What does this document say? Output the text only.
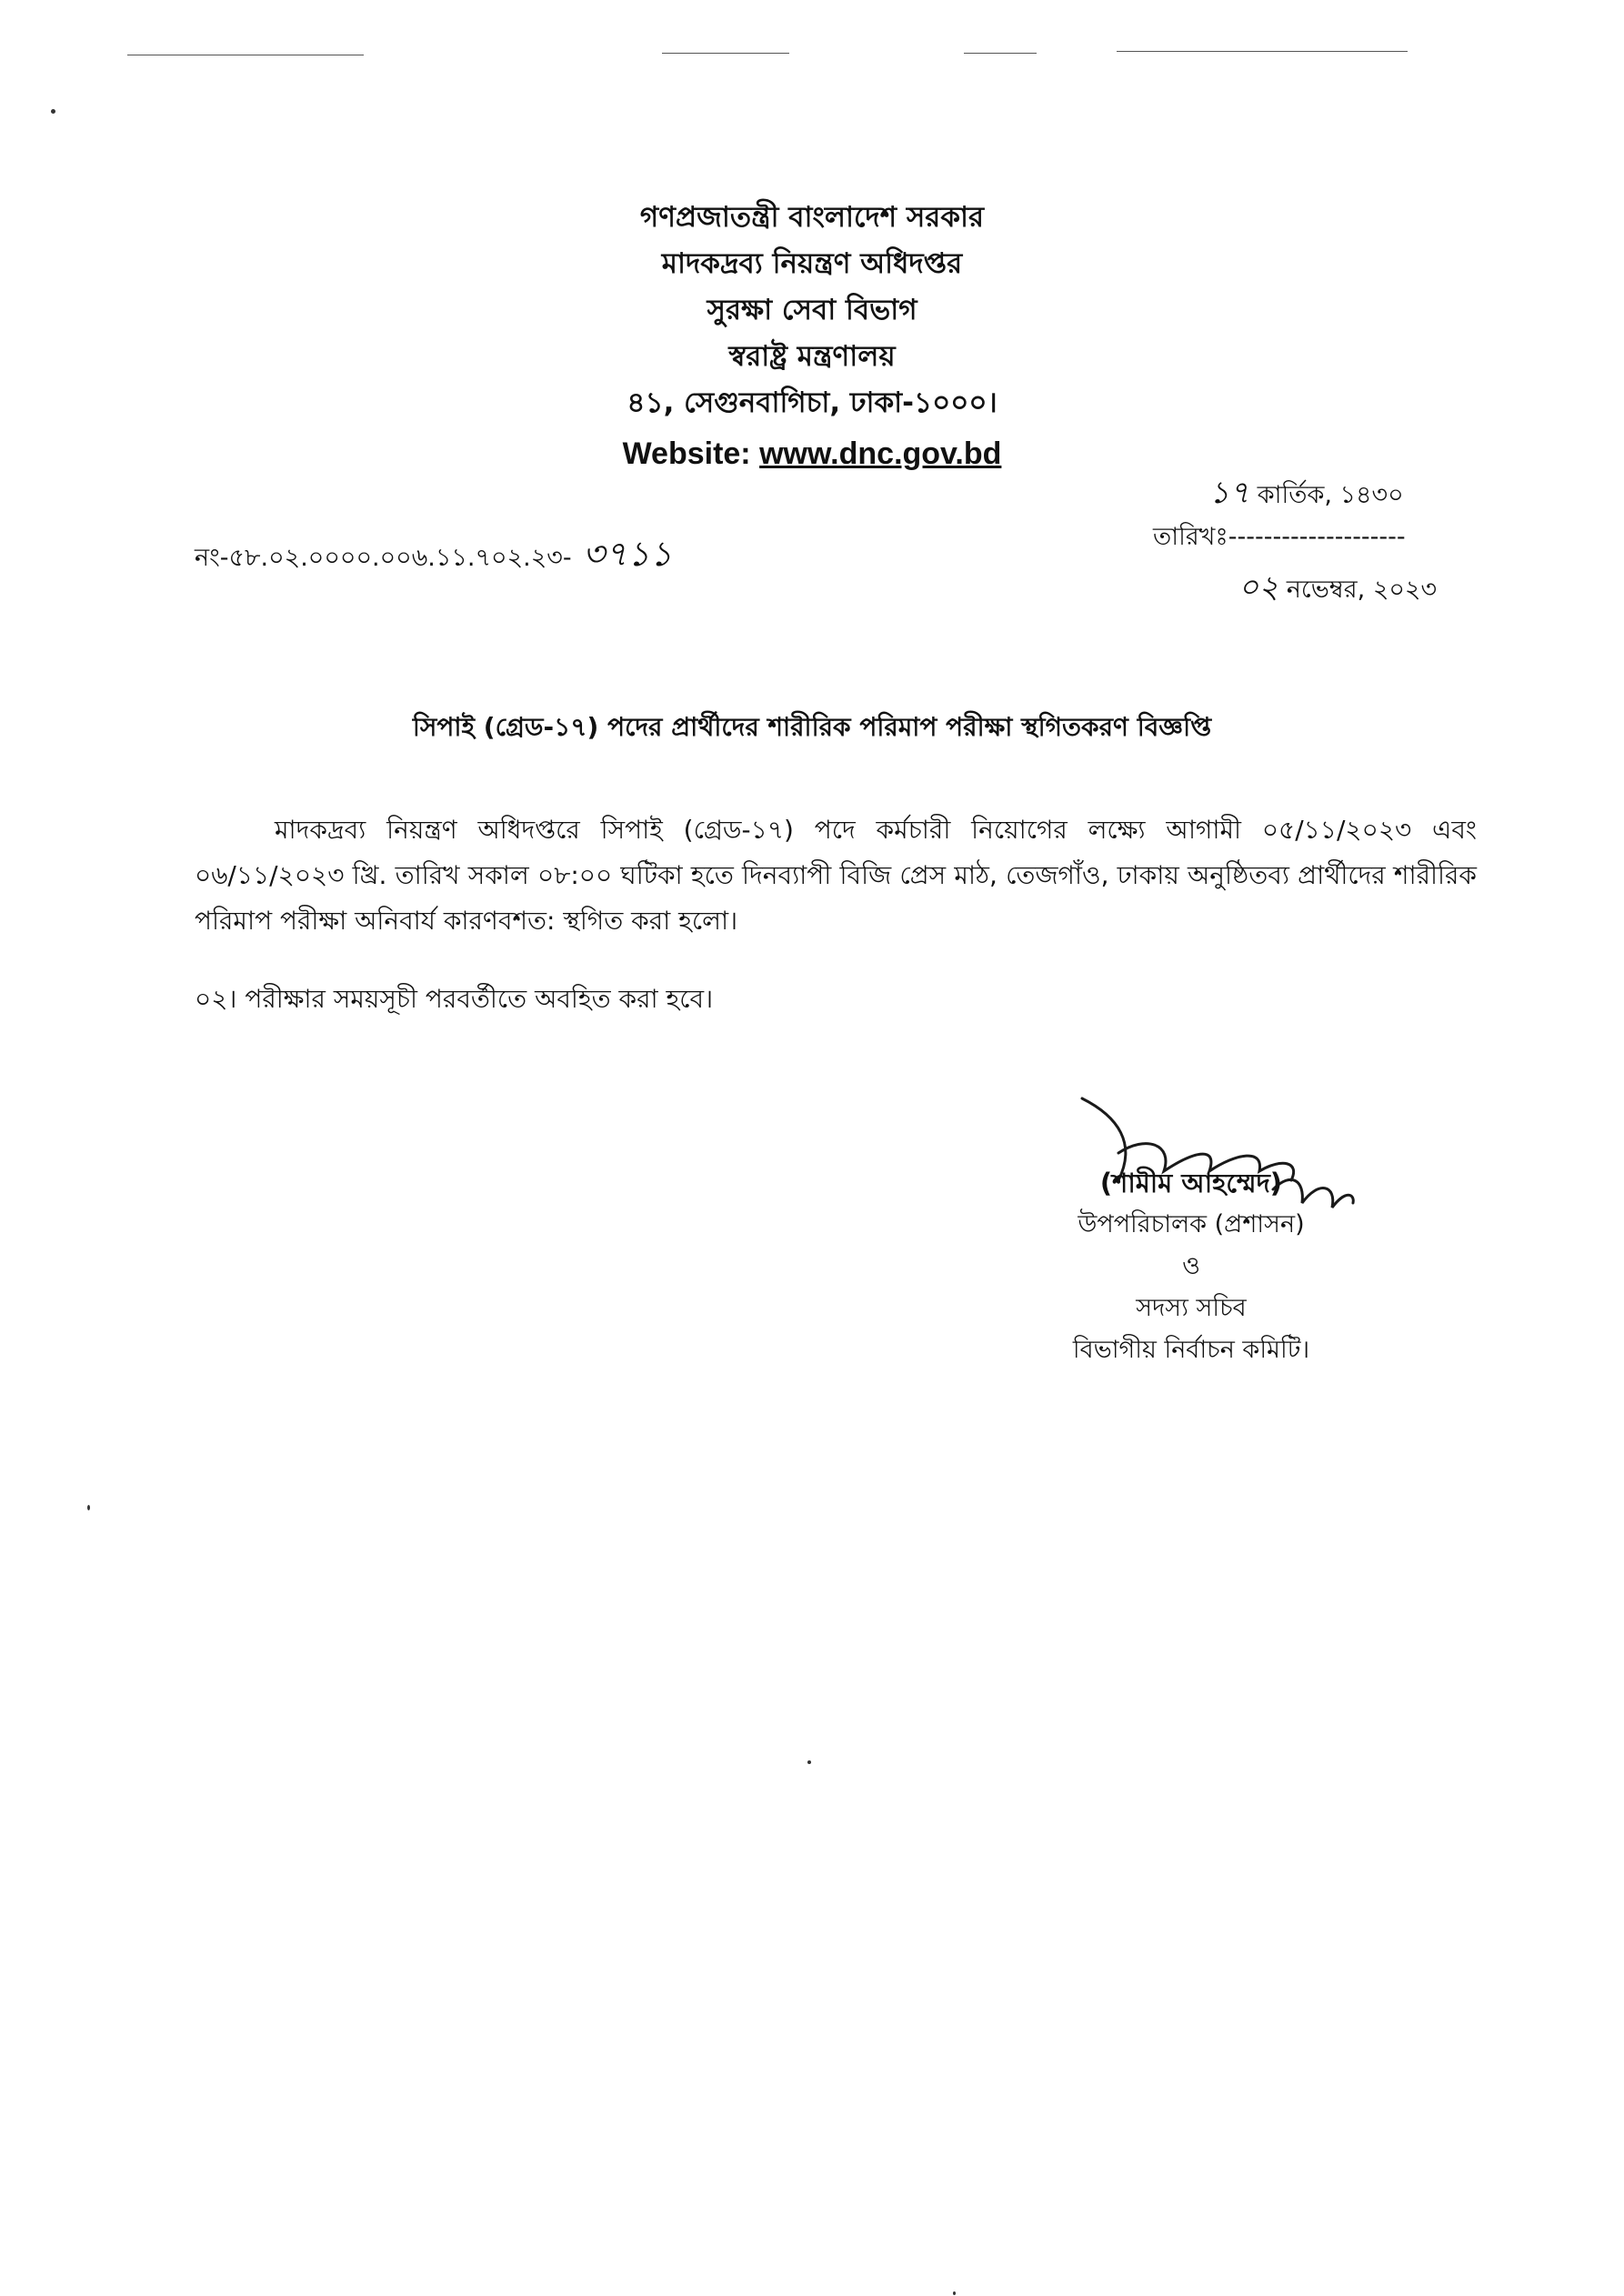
গণপ্রজাতন্ত্রী বাংলাদেশ সরকার
মাদকদ্রব্য নিয়ন্ত্রণ অধিদপ্তর
সুরক্ষা সেবা বিভাগ
স্বরাষ্ট্র মন্ত্রণালয়
৪১, সেগুনবাগিচা, ঢাকা-১০০০।
Website: www.dnc.gov.bd
নং-৫৮.০২.০০০০.০০৬.১১.৭০২.২৩- ৩৭১১
১৭ কার্তিক, ১৪৩০
তারিখঃ--------------------
০২ নভেম্বর, ২০২৩
সিপাই (গ্রেড-১৭) পদের প্রার্থীদের শারীরিক পরিমাপ পরীক্ষা স্থগিতকরণ বিজ্ঞপ্তি

মাদকদ্রব্য নিয়ন্ত্রণ অধিদপ্তরে সিপাই (গ্রেড-১৭) পদে কর্মচারী নিয়োগের লক্ষ্যে আগামী ০৫/১১/২০২৩ এবং ০৬/১১/২০২৩ খ্রি. তারিখ সকাল ০৮:০০ ঘটিকা হতে দিনব্যাপী বিজি প্রেস মাঠ, তেজগাঁও, ঢাকায় অনুষ্ঠিতব্য প্রার্থীদের শারীরিক পরিমাপ পরীক্ষা অনিবার্য কারণবশত: স্থগিত করা হলো।

০২। পরীক্ষার সময়সূচী পরবর্তীতে অবহিত করা হবে।

(শামীম আহম্মেদ)
উপপরিচালক (প্রশাসন)
ও
সদস্য সচিব
বিভাগীয় নির্বাচন কমিটি।
